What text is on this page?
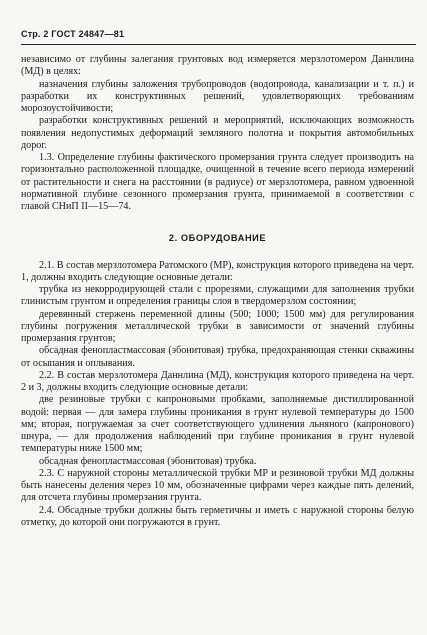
Стр. 2 ГОСТ 24847—81

независимо от глубины залегания грунтовых вод измеряется мерзлотомером Даннлина (МД) в целях:

назначения глубины заложения трубопроводов (водопровода, канализации и т. п.) и разработки их конструктивных решений, удовлетворяющих требованиям морозоустойчивости;

разработки конструктивных решений и мероприятий, исключающих возможность появления недопустимых деформаций земляного полотна и покрытия автомобильных дорог.

1.3. Определение глубины фактического промерзания грунта следует производить на горизонтально расположенной площадке, очищенной в течение всего периода измерений от растительности и снега на расстоянии (в радиусе) от мерзлотомера, равном удвоенной нормативной глубине сезонного промерзания грунта, принимаемой в соответствии с главой СНиП II—15—74.

2. ОБОРУДОВАНИЕ

2.1. В состав мерзлотомера Ратомского (МР), конструкция которого приведена на черт. 1, должны входить следующие основные детали:

трубка из некорродирующей стали с прорезями, служащими для заполнения трубки глинистым грунтом и определения границы слоя в твердомерзлом состоянии;

деревянный стержень переменной длины (500; 1000; 1500 мм) для регулирования глубины погружения металлической трубки в зависимости от значений глубины промерзания грунтов;

обсадная фенопластмассовая (эбонитовая) трубка, предохраняющая стенки скважины от осыпания и оплывания.

2.2. В состав мерзлотомера Даннлина (МД), конструкция которого приведена на черт. 2 и 3, должны входить следующие основные детали:

две резиновые трубки с капроновыми пробками, заполняемые дистиллированной водой: первая — для замера глубины проникания в грунт нулевой температуры до 1500 мм; вторая, погружаемая за счет соответствующего удлинения льняного (капронового) шнура, — для продолжения наблюдений при глубине проникания в грунт нулевой температуры ниже 1500 мм;

обсадная фенопластмассовая (эбонитовая) трубка.

2.3. С наружной стороны металлической трубки МР и резиновой трубки МД должны быть нанесены деления через 10 мм, обозначенные цифрами через каждые пять делений, для отсчета глубины промерзания грунта.

2.4. Обсадные трубки должны быть герметичны и иметь с наружной стороны белую отметку, до которой они погружаются в грунт.
